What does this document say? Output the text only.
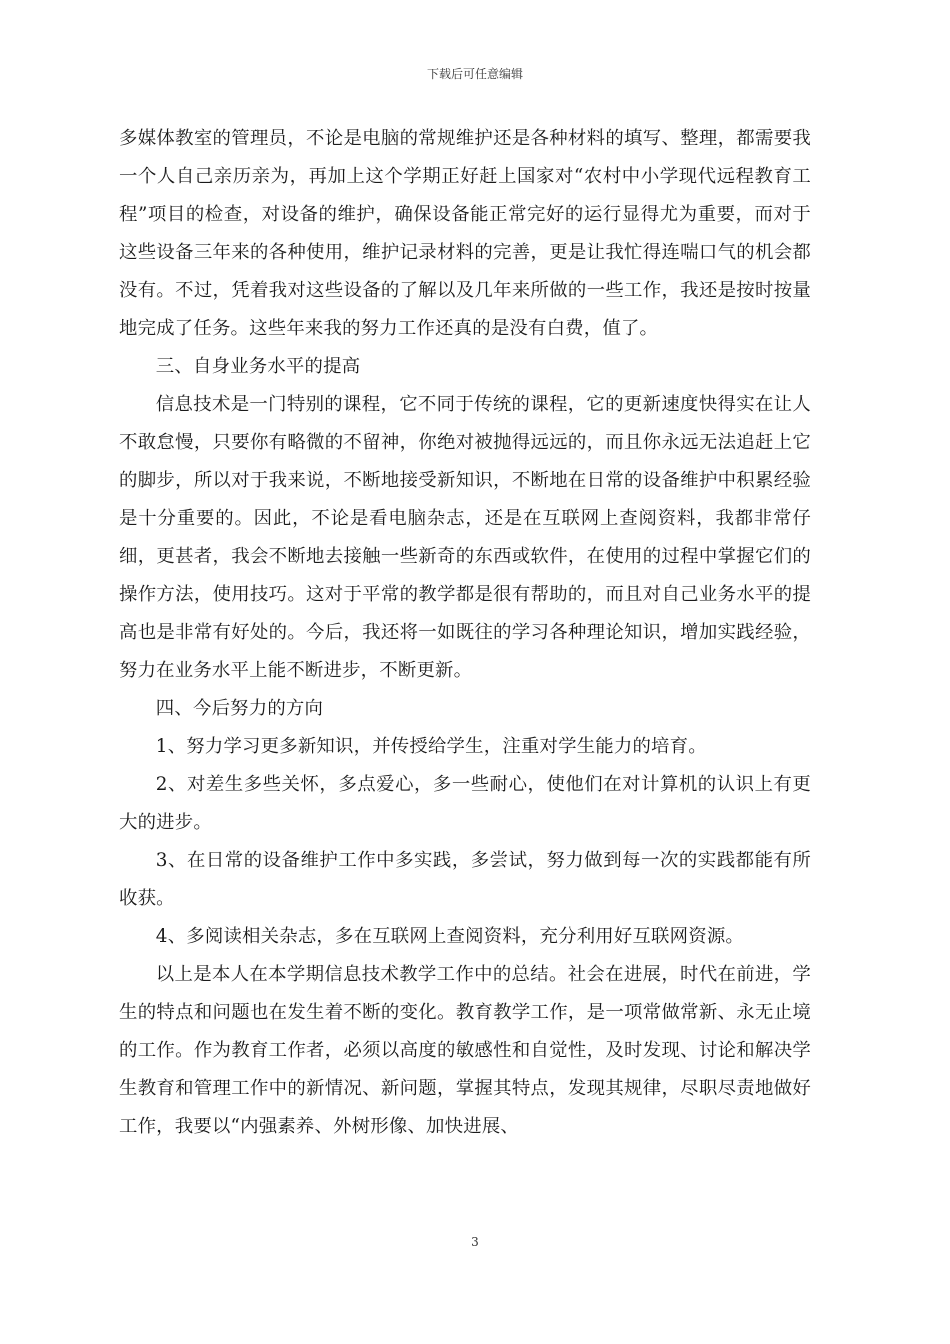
下载后可任意编辑

多媒体教室的管理员，不论是电脑的常规维护还是各种材料的填写、整理，都需要我一个人自己亲历亲为，再加上这个学期正好赶上国家对“农村中小学现代远程教育工程”项目的检查，对设备的维护，确保设备能正常完好的运行显得尤为重要，而对于这些设备三年来的各种使用，维护记录材料的完善，更是让我忙得连喘口气的机会都没有。不过，凭着我对这些设备的了解以及几年来所做的一些工作，我还是按时按量地完成了任务。这些年来我的努力工作还真的是没有白费，值了。

三、自身业务水平的提高

信息技术是一门特别的课程，它不同于传统的课程，它的更新速度快得实在让人不敢怠慢，只要你有略微的不留神，你绝对被抛得远远的，而且你永远无法追赶上它的脚步，所以对于我来说，不断地接受新知识，不断地在日常的设备维护中积累经验是十分重要的。因此，不论是看电脑杂志，还是在互联网上查阅资料，我都非常仔细，更甚者，我会不断地去接触一些新奇的东西或软件，在使用的过程中掌握它们的操作方法，使用技巧。这对于平常的教学都是很有帮助的，而且对自己业务水平的提高也是非常有好处的。今后，我还将一如既往的学习各种理论知识，增加实践经验，努力在业务水平上能不断进步，不断更新。

四、今后努力的方向

1、努力学习更多新知识，并传授给学生，注重对学生能力的培育。

2、对差生多些关怀，多点爱心，多一些耐心，使他们在对计算机的认识上有更大的进步。

3、在日常的设备维护工作中多实践，多尝试，努力做到每一次的实践都能有所收获。

4、多阅读相关杂志，多在互联网上查阅资料，充分利用好互联网资源。

以上是本人在本学期信息技术教学工作中的总结。社会在进展，时代在前进，学生的特点和问题也在发生着不断的变化。教育教学工作，是一项常做常新、永无止境的工作。作为教育工作者，必须以高度的敏感性和自觉性，及时发现、讨论和解决学生教育和管理工作中的新情况、新问题，掌握其特点，发现其规律，尽职尽责地做好工作，我要以“内强素养、外树形像、加快进展、

3
